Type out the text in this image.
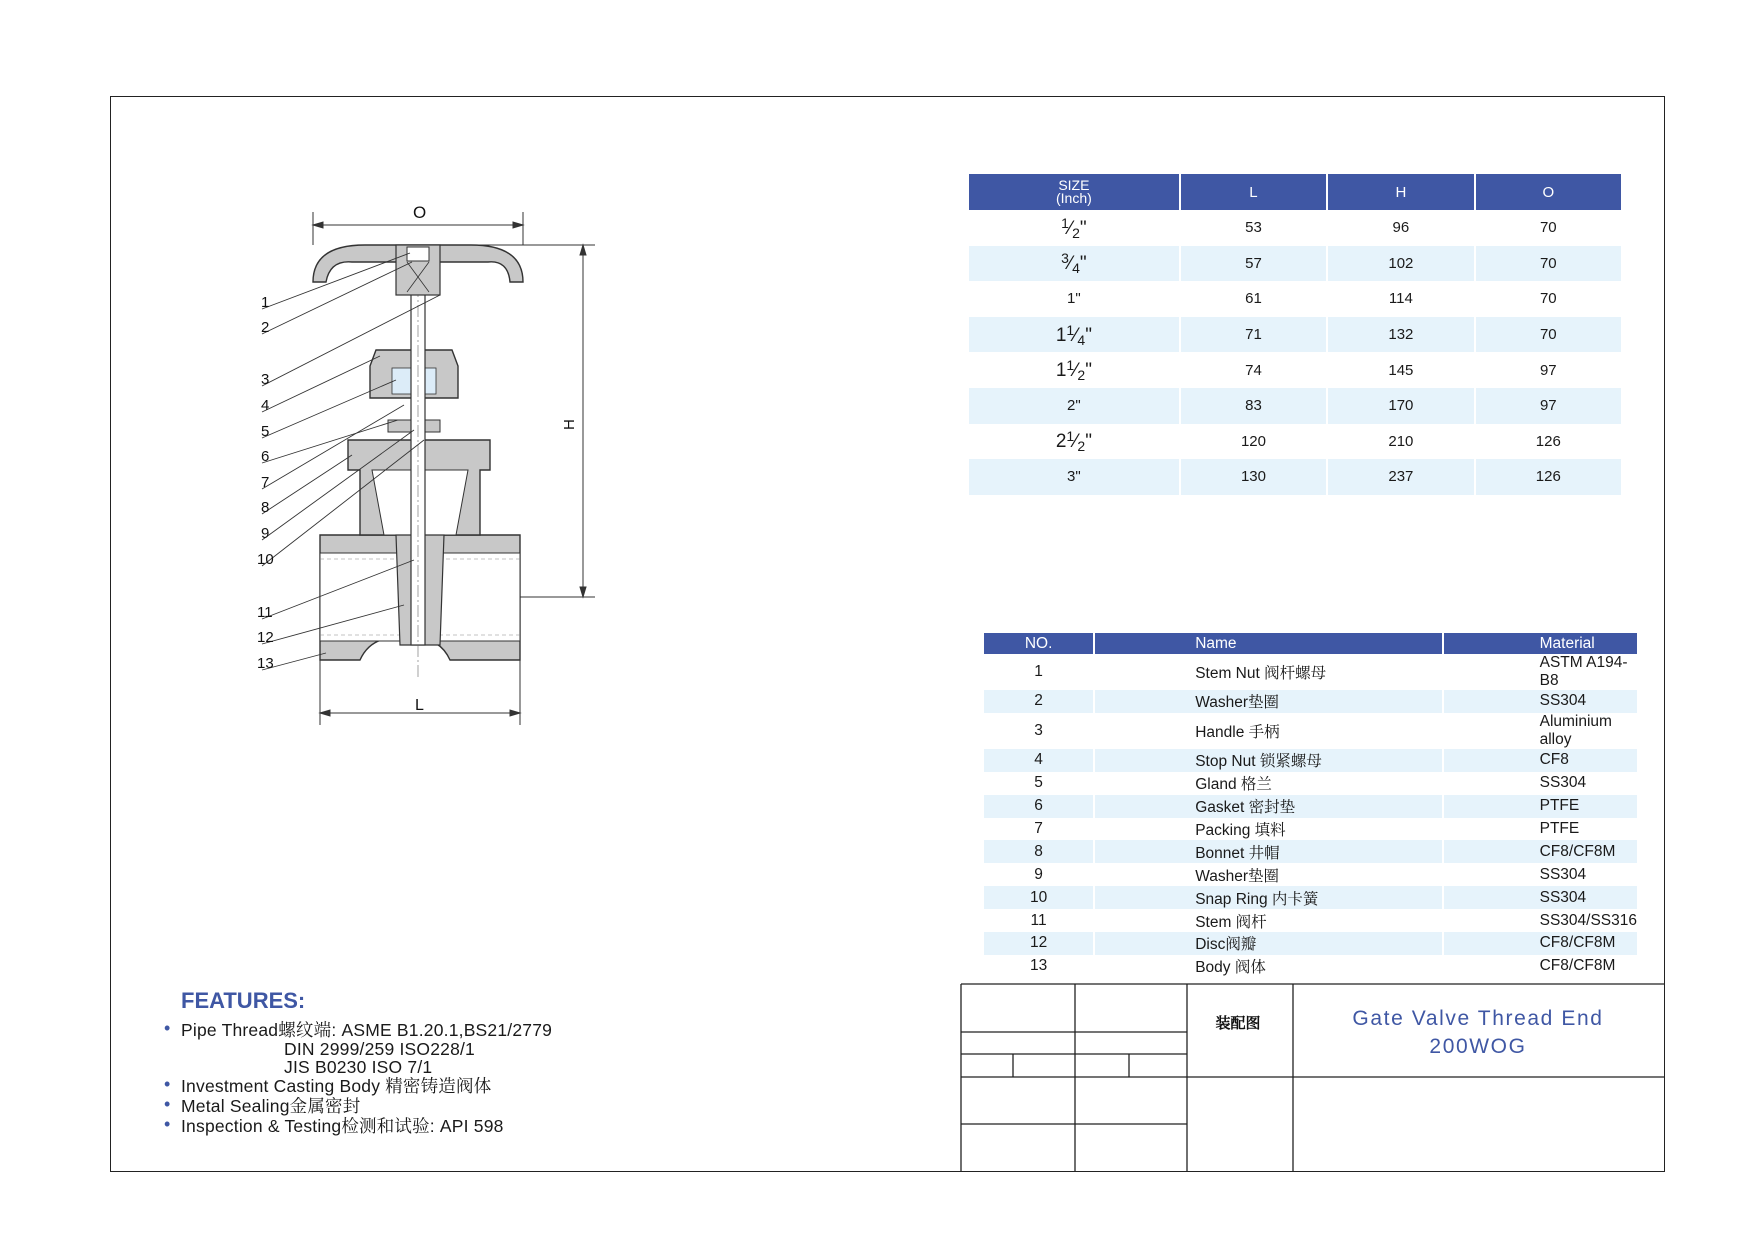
1
2
3
4
5
6
7
8
9
10
11
12
13
O
L
H
SIZE
(Inch)	L	H	O
$^1⁄_2$"	53	96	70
$^3⁄_4$"	57	102	70
1"	61	114	70
$1^1⁄_4$"	71	132	70
$1^1⁄_2$"	74	145	97
2"	83	170	97
$2^1⁄_2$"	120	210	126
3"	130	237	126
NO.	Name	Material
1	Stem Nut 阀杆螺母	ASTM A194-B8
2	Washer垫圈	SS304
3	Handle 手柄	Aluminium alloy
4	Stop Nut 锁紧螺母	CF8
5	Gland 格兰	SS304
6	Gasket 密封垫	PTFE
7	Packing 填料	PTFE
8	Bonnet 井帽	CF8/CF8M
9	Washer垫圈	SS304
10	Snap Ring 内卡簧	SS304
11	Stem 阀杆	SS304/SS316
12	Disc阀瓣	CF8/CF8M
13	Body 阀体	CF8/CF8M
FEATURES:
• Pipe Thread螺纹端: ASME B1.20.1,BS21/2779
DIN 2999/259 ISO228/1
JIS B0230 ISO 7/1
• Investment Casting Body 精密铸造阀体
• Metal Sealing金属密封
• Inspection & Testing检测和试验: API 598
装配图	Gate Valve Thread End
200WOG
